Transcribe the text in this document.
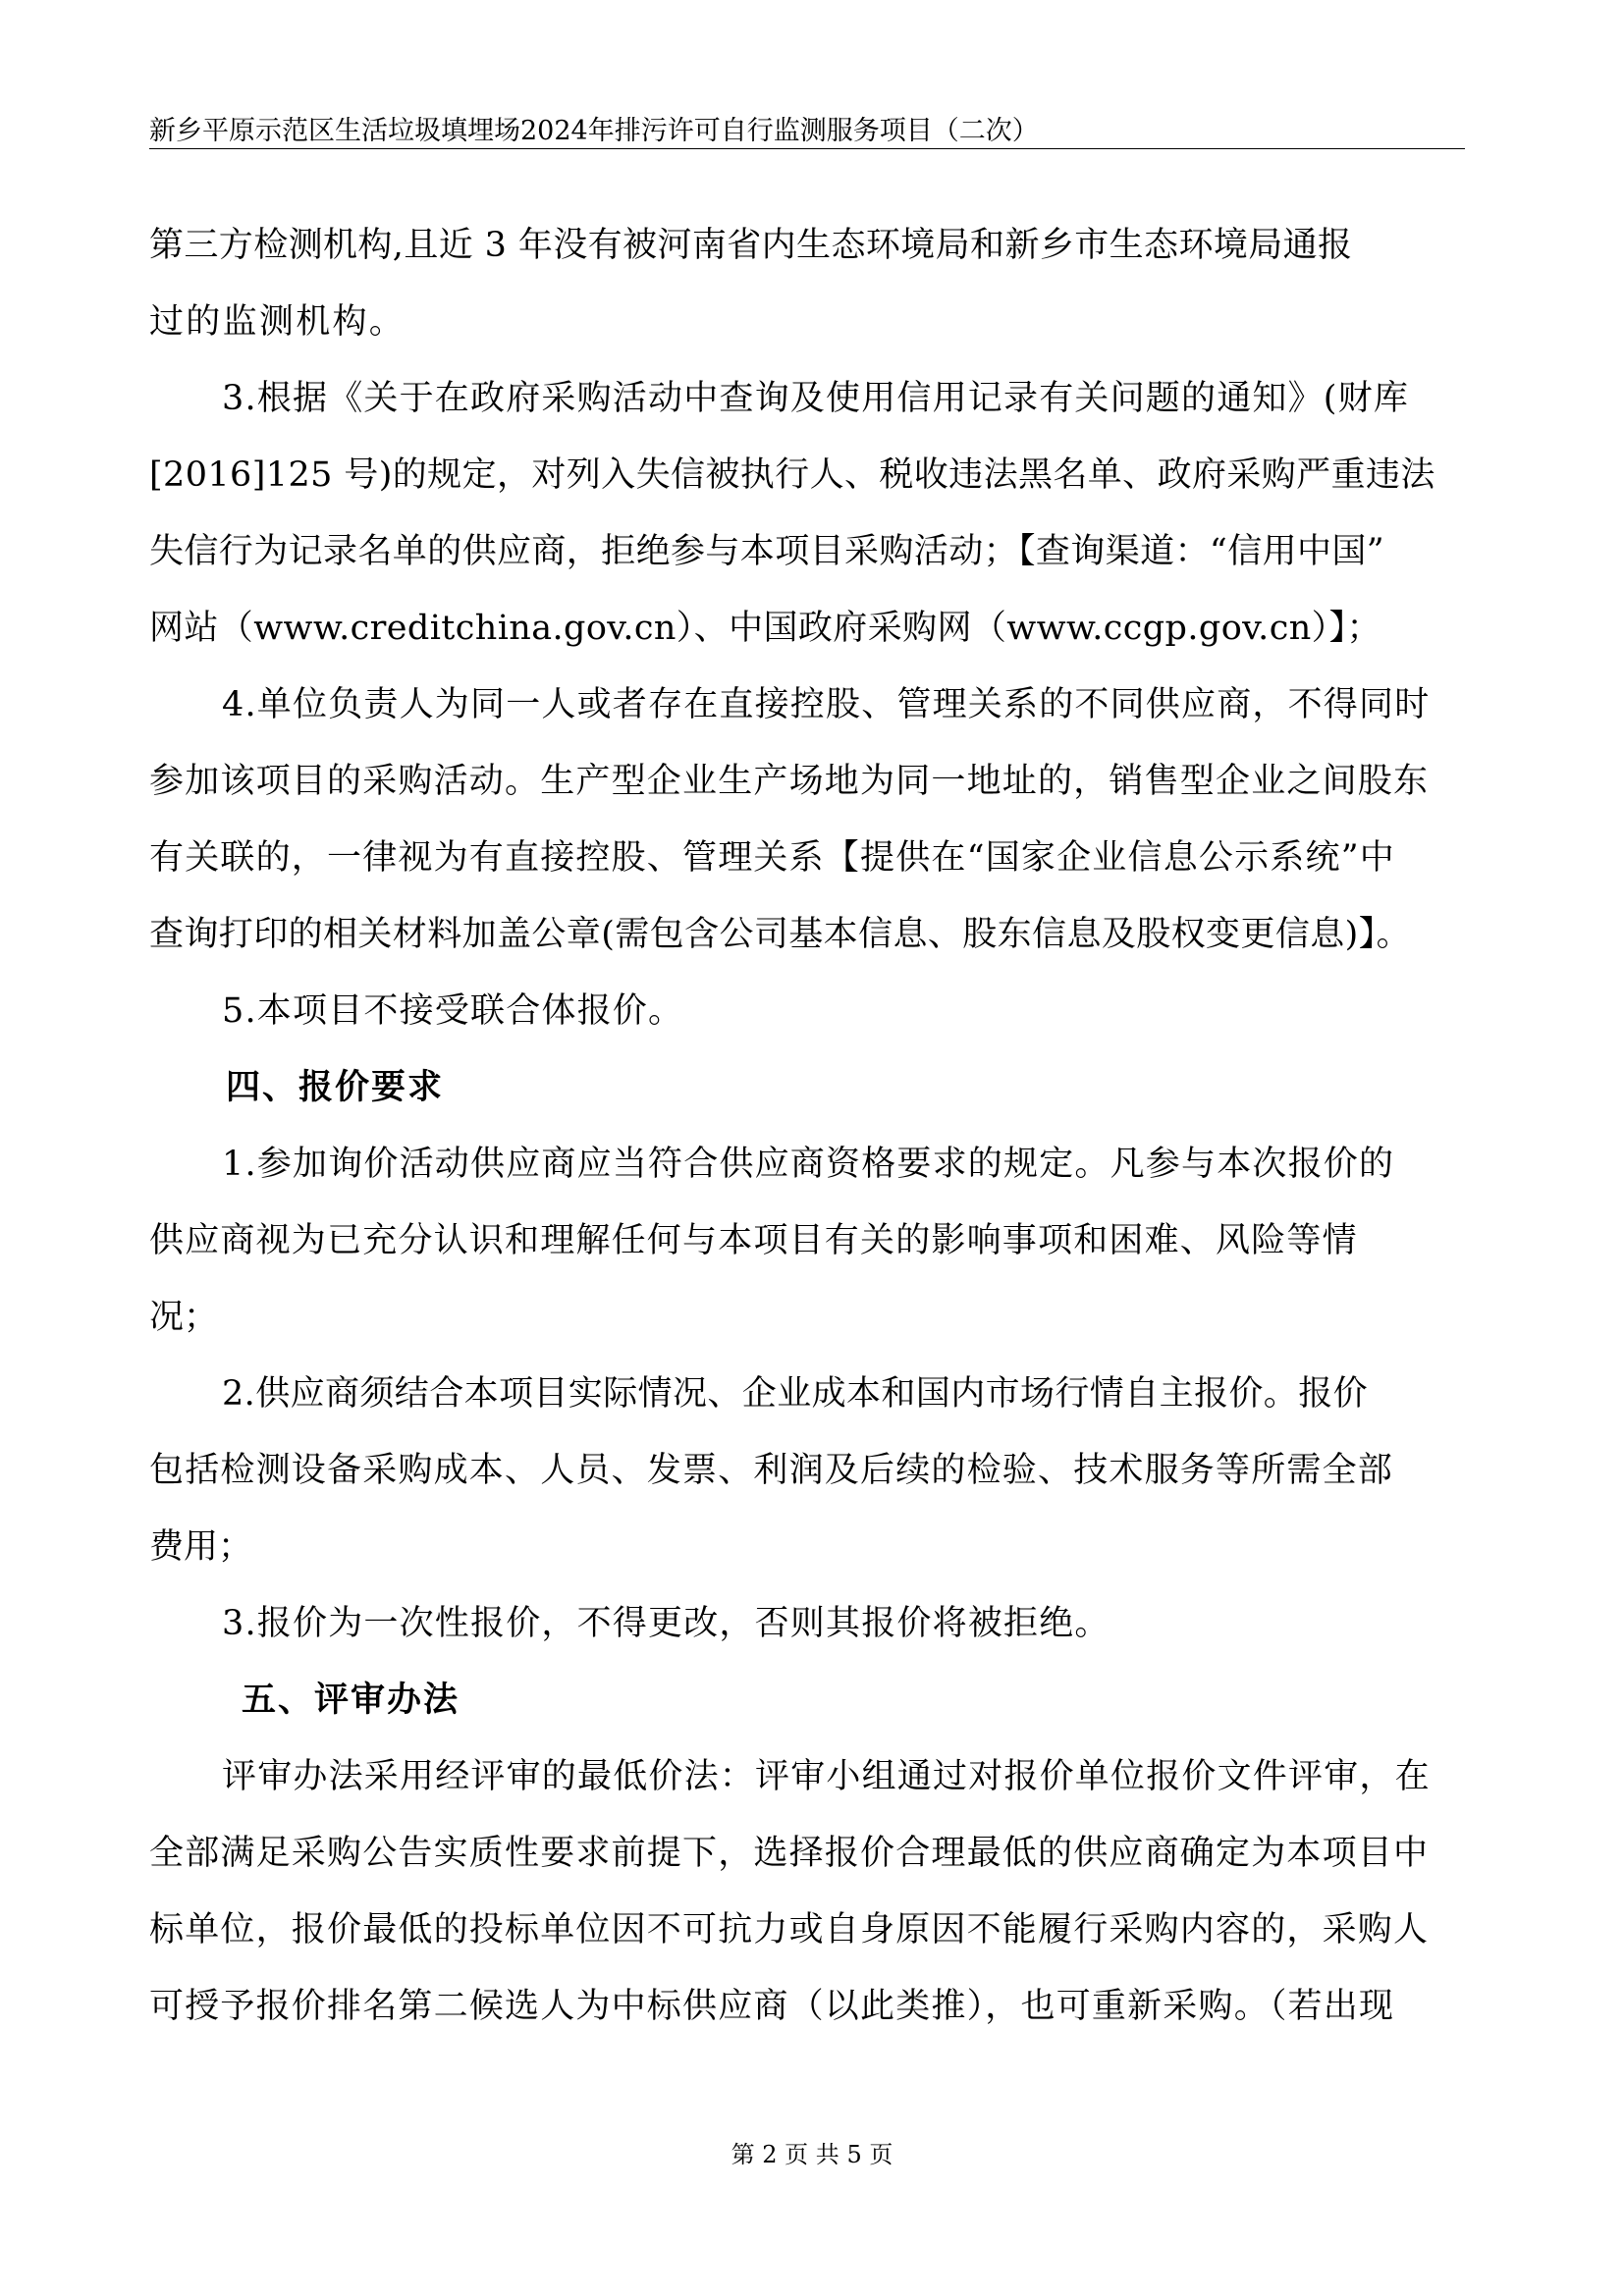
新乡平原示范区生活垃圾填埋场2024年排污许可自行监测服务项目（二次）
第三方检测机构,且近 3 年没有被河南省内生态环境局和新乡市生态环境局通报
过的监测机构。
3.根据《关于在政府采购活动中查询及使用信用记录有关问题的通知》(财库
[2016]125 号)的规定，对列入失信被执行人、税收违法黑名单、政府采购严重违法
失信行为记录名单的供应商，拒绝参与本项目采购活动；【查询渠道：“信用中国”
网站（www.creditchina.gov.cn）、中国政府采购网（www.ccgp.gov.cn）】；
4.单位负责人为同一人或者存在直接控股、管理关系的不同供应商，不得同时
参加该项目的采购活动。生产型企业生产场地为同一地址的，销售型企业之间股东
有关联的，一律视为有直接控股、管理关系【提供在“国家企业信息公示系统”中
查询打印的相关材料加盖公章(需包含公司基本信息、股东信息及股权变更信息)】。
5.本项目不接受联合体报价。
四、报价要求
1.参加询价活动供应商应当符合供应商资格要求的规定。凡参与本次报价的
供应商视为已充分认识和理解任何与本项目有关的影响事项和困难、风险等情
况；
2.供应商须结合本项目实际情况、企业成本和国内市场行情自主报价。报价
包括检测设备采购成本、人员、发票、利润及后续的检验、技术服务等所需全部
费用；
3.报价为一次性报价，不得更改，否则其报价将被拒绝。
五、评审办法
评审办法采用经评审的最低价法：评审小组通过对报价单位报价文件评审，在
全部满足采购公告实质性要求前提下，选择报价合理最低的供应商确定为本项目中
标单位，报价最低的投标单位因不可抗力或自身原因不能履行采购内容的，采购人
可授予报价排名第二候选人为中标供应商（以此类推），也可重新采购。（若出现
第 2 页 共 5 页
